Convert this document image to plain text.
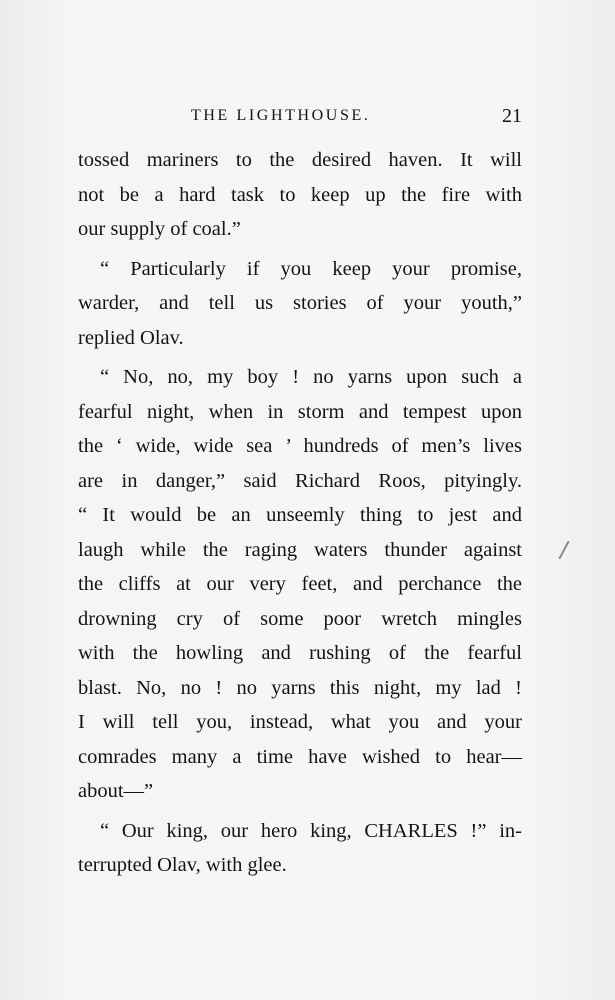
THE LIGHTHOUSE.	21
tossed mariners to the desired haven. It will
not be a hard task to keep up the fire with
our supply of coal.”
“ Particularly if you keep your promise,
warder, and tell us stories of your youth,”
replied Olav.
“ No, no, my boy ! no yarns upon such a
fearful night, when in storm and tempest upon
the ‘ wide, wide sea ’ hundreds of men’s lives
are in danger,” said Richard Roos, pityingly.
“ It would be an unseemly thing to jest and
laugh while the raging waters thunder against
the cliffs at our very feet, and perchance the
drowning cry of some poor wretch mingles
with the howling and rushing of the fearful
blast. No, no ! no yarns this night, my lad !
I will tell you, instead, what you and your
comrades many a time have wished to hear—
about—”
“ Our king, our hero king, CHARLES !” in-
terrupted Olav, with glee.
